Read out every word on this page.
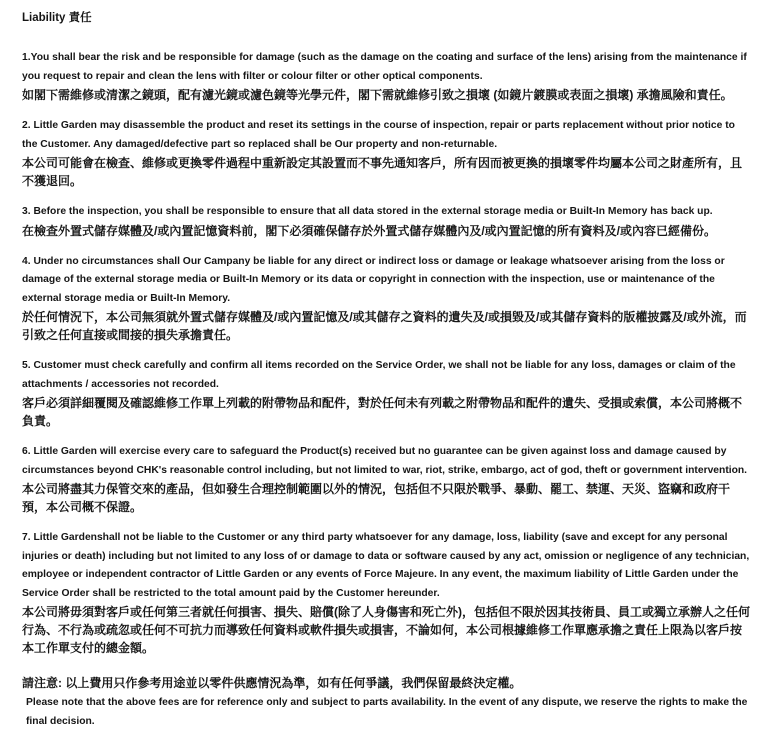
Liability 責任

1.You shall bear the risk and be responsible for damage (such as the damage on the coating and surface of the lens) arising from the maintenance if you request to repair and clean the lens with filter or colour filter or other optical components.

如閣下需維修或清潔之鏡頭，配有濾光鏡或濾色鏡等光學元件，閣下需就維修引致之損壞 (如鏡片鍍膜或表面之損壞) 承擔風險和責任。

2. Little Garden may disassemble the product and reset its settings in the course of inspection, repair or parts replacement without prior notice to the Customer. Any damaged/defective part so replaced shall be Our property and non-returnable.

本公司可能會在檢查、維修或更換零件過程中重新設定其設置而不事先通知客戶，所有因而被更換的損壞零件均屬本公司之財產所有，且不獲退回。

3. Before the inspection, you shall be responsible to ensure that all data stored in the external storage media or Built-In Memory has back up.

在檢查外置式儲存媒體及/或內置記憶資料前，閣下必須確保儲存於外置式儲存媒體內及/或內置記憶的所有資料及/或內容已經備份。

4. Under no circumstances shall Our Campany be liable for any direct or indirect loss or damage or leakage whatsoever arising from the loss or damage of the external storage media or Built-In Memory or its data or copyright in connection with the inspection, use or maintenance of the external storage media or Built-In Memory.

於任何情況下，本公司無須就外置式儲存媒體及/或內置記憶及/或其儲存之資料的遺失及/或損毀及/或其儲存資料的版權披露及/或外流，而引致之任何直接或間接的損失承擔責任。

5. Customer must check carefully and confirm all items recorded on the Service Order, we shall not be liable for any loss, damages or claim of the attachments / accessories not recorded.

客戶必須詳細覆閱及確認維修工作單上列載的附帶物品和配件，對於任何未有列載之附帶物品和配件的遺失、受損或索償，本公司將概不負責。

6. Little Garden will exercise every care to safeguard the Product(s) received but no guarantee can be given against loss and damage caused by circumstances beyond CHK's reasonable control including, but not limited to war, riot, strike, embargo, act of god, theft or government intervention.

本公司將盡其力保管交來的產品，但如發生合理控制範圍以外的情況，包括但不只限於戰爭、暴動、罷工、禁運、天災、盜竊和政府干預，本公司概不保證。

7. Little Gardenshall not be liable to the Customer or any third party whatsoever for any damage, loss, liability (save and except for any personal injuries or death) including but not limited to any loss of or damage to data or software caused by any act, omission or negligence of any technician, employee or independent contractor of Little Garden or any events of Force Majeure. In any event, the maximum liability of Little Garden under the Service Order shall be restricted to the total amount paid by the Customer hereunder.

本公司將毋須對客戶或任何第三者就任何損害、損失、賠償(除了人身傷害和死亡外)，包括但不限於因其技術員、員工或獨立承辦人之任何行為、不行為或疏忽或任何不可抗力而導致任何資料或軟件損失或損害，不論如何，本公司根據維修工作單應承擔之責任上限為以客戶按本工作單支付的總金額。

請注意: 以上費用只作參考用途並以零件供應情況為準，如有任何爭議，我們保留最終決定權。

Please note that the above fees are for reference only and subject to parts availability. In the event of any dispute, we reserve the rights to make the final decision.
